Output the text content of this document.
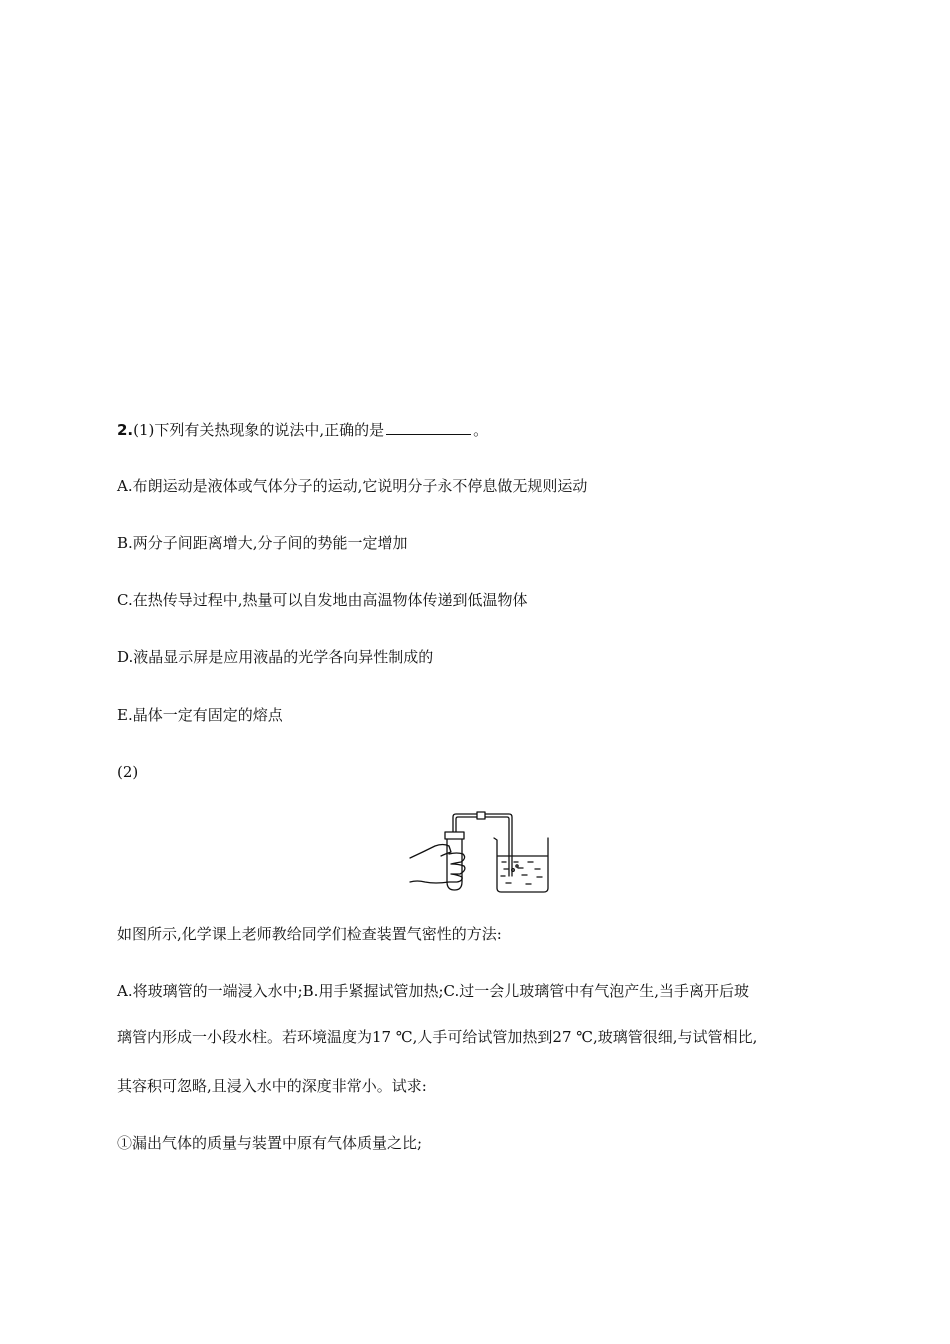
2.(1)下列有关热现象的说法中,正确的是	。
A.布朗运动是液体或气体分子的运动,它说明分子永不停息做无规则运动
B.两分子间距离增大,分子间的势能一定增加
C.在热传导过程中,热量可以自发地由高温物体传递到低温物体
D.液晶显示屏是应用液晶的光学各向异性制成的
E.晶体一定有固定的熔点
(2)
如图所示,化学课上老师教给同学们检查装置气密性的方法:
A.将玻璃管的一端浸入水中;B.用手紧握试管加热;C.过一会儿玻璃管中有气泡产生,当手离开后玻
璃管内形成一小段水柱。若环境温度为17 ℃,人手可给试管加热到27 ℃,玻璃管很细,与试管相比,
其容积可忽略,且浸入水中的深度非常小。试求:
①漏出气体的质量与装置中原有气体质量之比;
